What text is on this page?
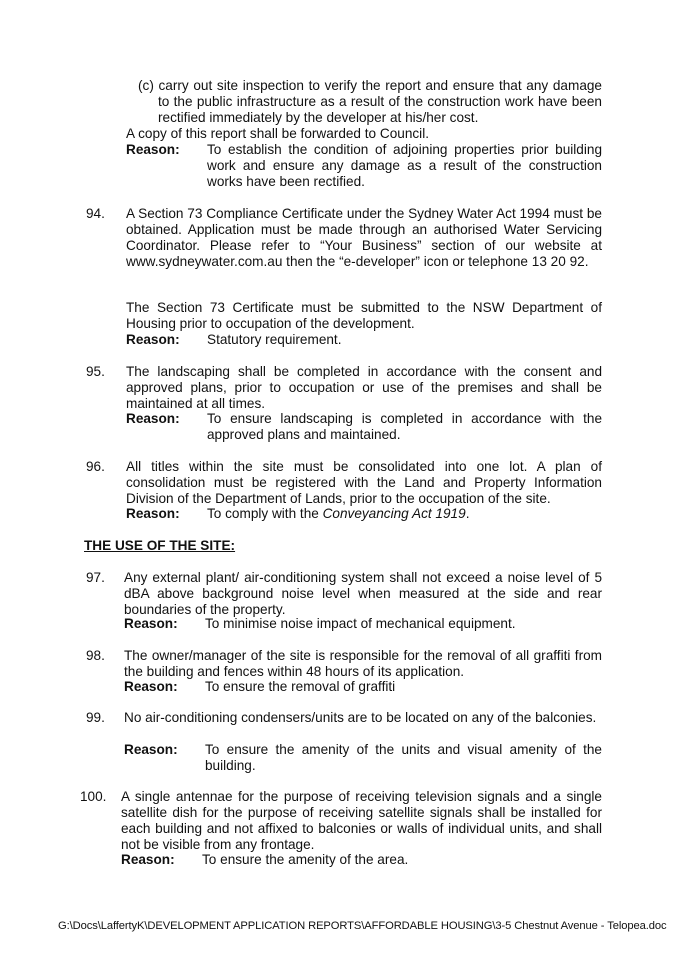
(c) carry out site inspection to verify the report and ensure that any damage to the public infrastructure as a result of the construction work have been rectified immediately by the developer at his/her cost.
A copy of this report shall be forwarded to Council.
Reason: To establish the condition of adjoining properties prior building work and ensure any damage as a result of the construction works have been rectified.
94. A Section 73 Compliance Certificate under the Sydney Water Act 1994 must be obtained. Application must be made through an authorised Water Servicing Coordinator. Please refer to “Your Business” section of our website at www.sydneywater.com.au then the “e-developer” icon or telephone 13 20 92.
The Section 73 Certificate must be submitted to the NSW Department of Housing prior to occupation of the development.
Reason: Statutory requirement.
95. The landscaping shall be completed in accordance with the consent and approved plans, prior to occupation or use of the premises and shall be maintained at all times.
Reason: To ensure landscaping is completed in accordance with the approved plans and maintained.
96. All titles within the site must be consolidated into one lot. A plan of consolidation must be registered with the Land and Property Information Division of the Department of Lands, prior to the occupation of the site.
Reason: To comply with the Conveyancing Act 1919.
THE USE OF THE SITE:
97. Any external plant/ air-conditioning system shall not exceed a noise level of 5 dBA above background noise level when measured at the side and rear boundaries of the property.
Reason: To minimise noise impact of mechanical equipment.
98. The owner/manager of the site is responsible for the removal of all graffiti from the building and fences within 48 hours of its application.
Reason: To ensure the removal of graffiti
99. No air-conditioning condensers/units are to be located on any of the balconies.
Reason: To ensure the amenity of the units and visual amenity of the building.
100. A single antennae for the purpose of receiving television signals and a single satellite dish for the purpose of receiving satellite signals shall be installed for each building and not affixed to balconies or walls of individual units, and shall not be visible from any frontage.
Reason: To ensure the amenity of the area.
G:\Docs\LaffertyK\DEVELOPMENT APPLICATION REPORTS\AFFORDABLE HOUSING\3-5 Chestnut Avenue - Telopea.doc
